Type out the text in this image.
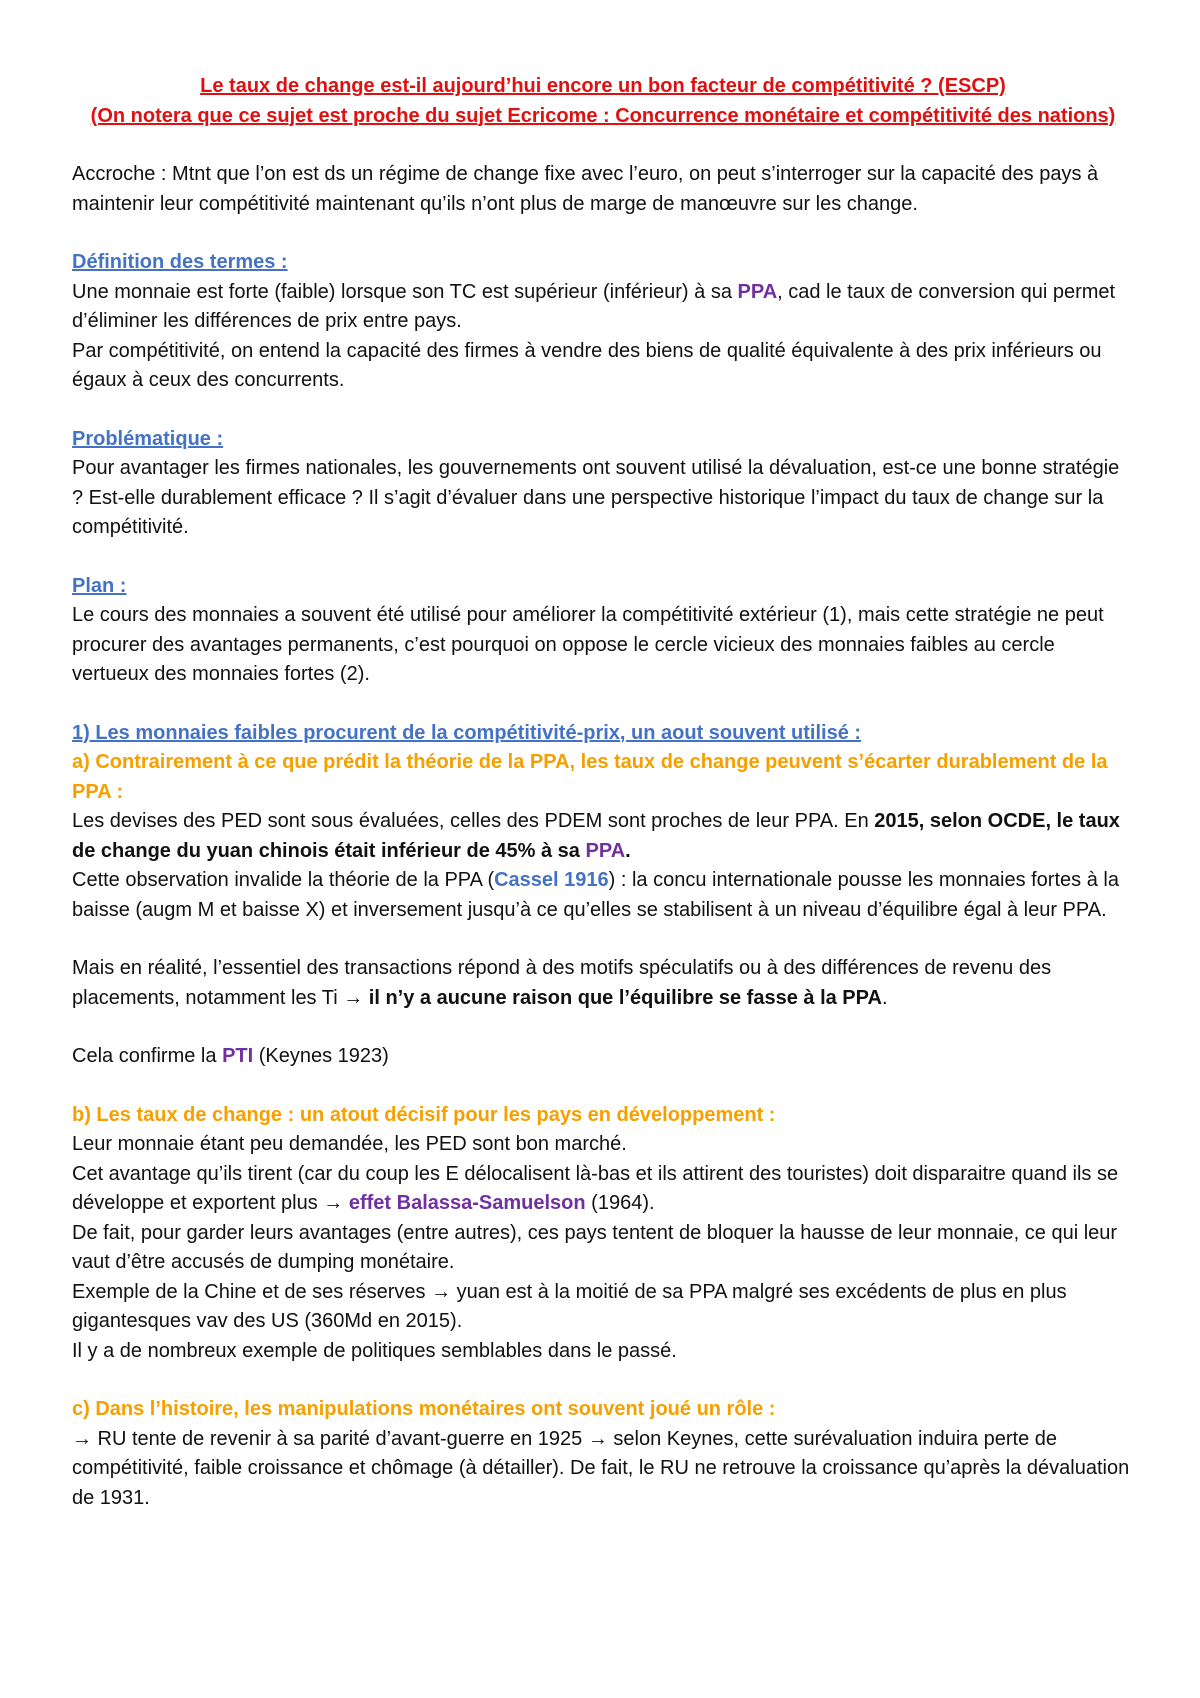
Le taux de change est-il aujourd’hui encore un bon facteur de compétitivité ? (ESCP)

(On notera que ce sujet est proche du sujet Ecricome : Concurrence monétaire et compétitivité des nations)

Accroche : Mtnt que l’on est ds un régime de change fixe avec l’euro, on peut s’interroger sur la capacité des pays à maintenir leur compétitivité maintenant qu’ils n’ont plus de marge de manœuvre sur les change.

Définition des termes :

Une monnaie est forte (faible) lorsque son TC est supérieur (inférieur) à sa PPA, cad le taux de conversion qui permet d’éliminer les différences de prix entre pays.

Par compétitivité, on entend la capacité des firmes à vendre des biens de qualité équivalente à des prix inférieurs ou égaux à ceux des concurrents.

Problématique :

Pour avantager les firmes nationales, les gouvernements ont souvent utilisé la dévaluation, est-ce une bonne stratégie ? Est-elle durablement efficace ? Il s’agit d’évaluer dans une perspective historique l’impact du taux de change sur la compétitivité.

Plan :

Le cours des monnaies a souvent été utilisé pour améliorer la compétitivité extérieur (1), mais cette stratégie ne peut procurer des avantages permanents, c’est pourquoi on oppose le cercle vicieux des monnaies faibles au cercle vertueux des monnaies fortes (2).

1) Les monnaies faibles procurent de la compétitivité-prix, un aout souvent utilisé :

a) Contrairement à ce que prédit la théorie de la PPA, les taux de change peuvent s’écarter durablement de la PPA :

Les devises des PED sont sous évaluées, celles des PDEM sont proches de leur PPA. En 2015, selon OCDE, le taux de change du yuan chinois était inférieur de 45% à sa PPA.

Cette observation invalide la théorie de la PPA (Cassel 1916) : la concu internationale pousse les monnaies fortes à la baisse (augm M et baisse X) et inversement jusqu’à ce qu’elles se stabilisent à un niveau d’équilibre égal à leur PPA.

Mais en réalité, l’essentiel des transactions répond à des motifs spéculatifs ou à des différences de revenu des placements, notamment les Ti → il n’y a aucune raison que l’équilibre se fasse à la PPA.

Cela confirme la PTI (Keynes 1923)

b) Les taux de change : un atout décisif pour les pays en développement :

Leur monnaie étant peu demandée, les PED sont bon marché.

Cet avantage qu’ils tirent (car du coup les E délocalisent là-bas et ils attirent des touristes) doit disparaitre quand ils se développe et exportent plus → effet Balassa-Samuelson (1964).

De fait, pour garder leurs avantages (entre autres), ces pays tentent de bloquer la hausse de leur monnaie, ce qui leur vaut d’être accusés de dumping monétaire.

Exemple de la Chine et de ses réserves → yuan est à la moitié de sa PPA malgré ses excédents de plus en plus gigantesques vav des US (360Md en 2015).

Il y a de nombreux exemple de politiques semblables dans le passé.

c) Dans l’histoire, les manipulations monétaires ont souvent joué un rôle :

→ RU tente de revenir à sa parité d’avant-guerre en 1925 → selon Keynes, cette surévaluation induira perte de compétitivité, faible croissance et chômage (à détailler). De fait, le RU ne retrouve la croissance qu’après la dévaluation de 1931.
